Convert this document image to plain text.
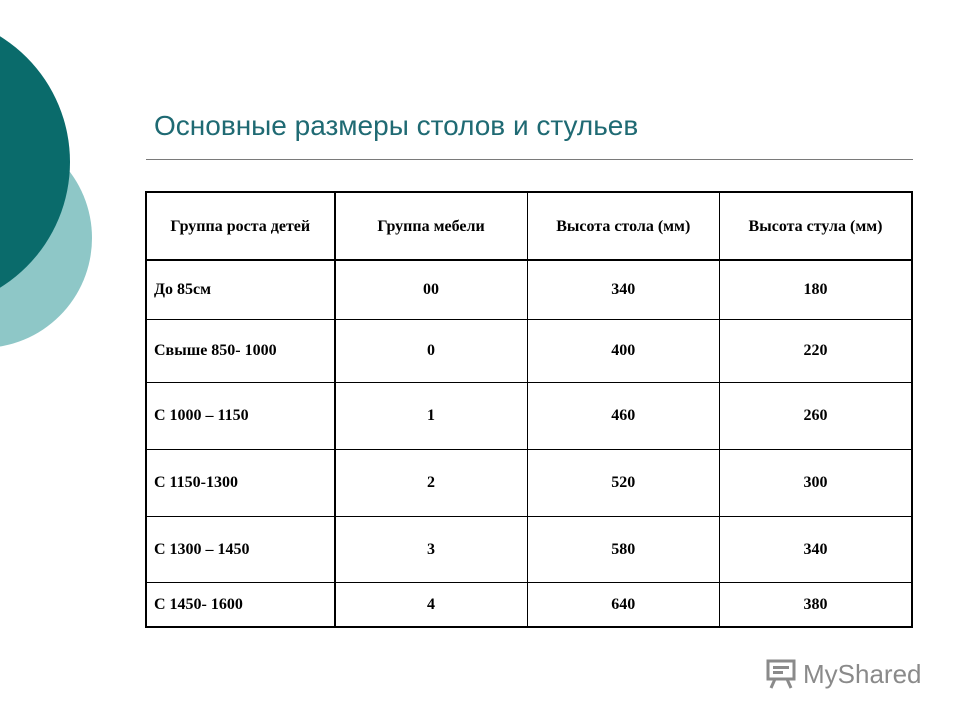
Основные размеры столов и стульев
Группа роста детей	Группа мебели	Высота стола (мм)	Высота стула (мм)
До 85см	00	340	180
Свыше 850- 1000	0	400	220
С 1000 – 1150	1	460	260
С 1150-1300	2	520	300
С 1300 – 1450	3	580	340
С 1450- 1600	4	640	380
MyShared
